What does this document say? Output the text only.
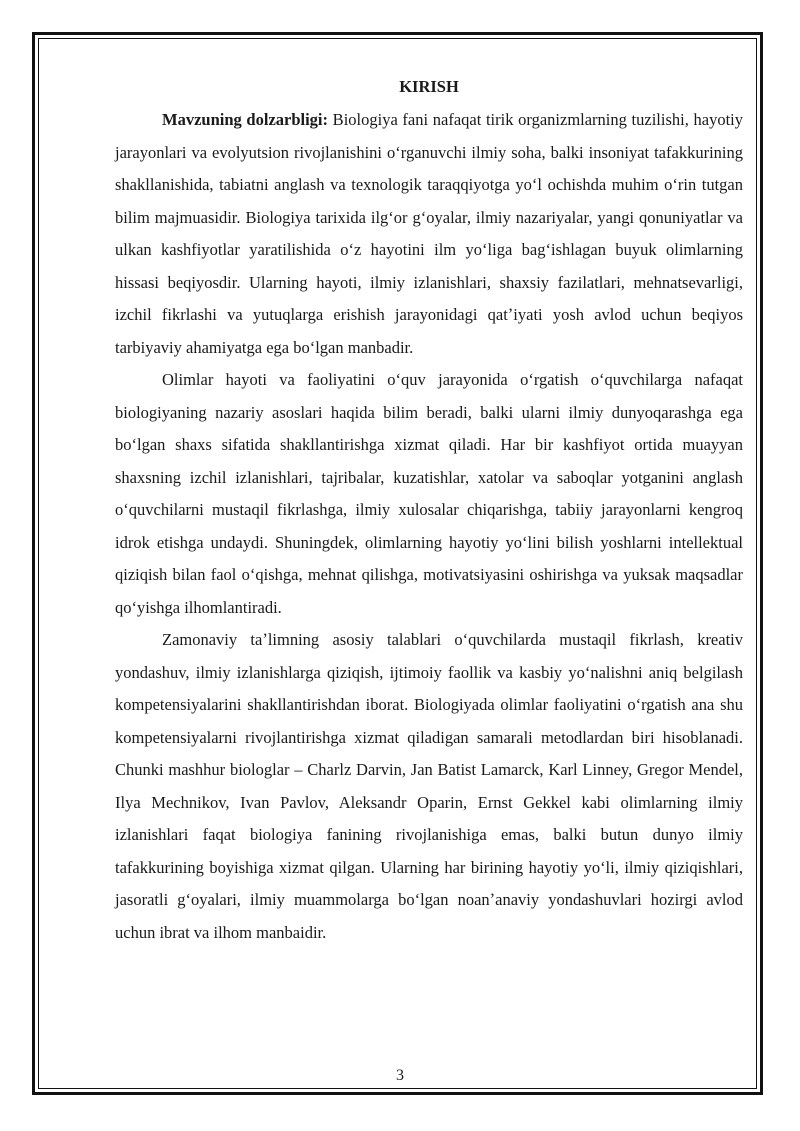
KIRISH

Mavzuning dolzarbligi: Biologiya fani nafaqat tirik organizmlarning tuzilishi, hayotiy jarayonlari va evolyutsion rivojlanishini oʻrganuvchi ilmiy soha, balki insoniyat tafakkurining shakllanishida, tabiatni anglash va texnologik taraqqiyotga yoʻl ochishda muhim oʻrin tutgan bilim majmuasidir. Biologiya tarixida ilgʻor gʻoyalar, ilmiy nazariyalar, yangi qonuniyatlar va ulkan kashfiyotlar yaratilishida oʻz hayotini ilm yoʻliga bagʻishlagan buyuk olimlarning hissasi beqiyosdir. Ularning hayoti, ilmiy izlanishlari, shaxsiy fazilatlari, mehnatsevarligi, izchil fikrlashi va yutuqlarga erishish jarayonidagi qatʼiyati yosh avlod uchun beqiyos tarbiyaviy ahamiyatga ega boʻlgan manbadir.

Olimlar hayoti va faoliyatini oʻquv jarayonida oʻrgatish oʻquvchilarga nafaqat biologiyaning nazariy asoslari haqida bilim beradi, balki ularni ilmiy dunyoqarashga ega boʻlgan shaxs sifatida shakllantirishga xizmat qiladi. Har bir kashfiyot ortida muayyan shaxsning izchil izlanishlari, tajribalar, kuzatishlar, xatolar va saboqlar yotganini anglash oʻquvchilarni mustaqil fikrlashga, ilmiy xulosalar chiqarishga, tabiiy jarayonlarni kengroq idrok etishga undaydi. Shuningdek, olimlarning hayotiy yoʻlini bilish yoshlarni intellektual qiziqish bilan faol oʻqishga, mehnat qilishga, motivatsiyasini oshirishga va yuksak maqsadlar qoʻyishga ilhomlantiradi.

Zamonaviy taʼlimning asosiy talablari oʻquvchilarda mustaqil fikrlash, kreativ yondashuv, ilmiy izlanishlarga qiziqish, ijtimoiy faollik va kasbiy yoʻnalishni aniq belgilash kompetensiyalarini shakllantirishdan iborat. Biologiyada olimlar faoliyatini oʻrgatish ana shu kompetensiyalarni rivojlantirishga xizmat qiladigan samarali metodlardan biri hisoblanadi. Chunki mashhur biologlar – Charlz Darvin, Jan Batist Lamarck, Karl Linney, Gregor Mendel, Ilya Mechnikov, Ivan Pavlov, Aleksandr Oparin, Ernst Gekkel kabi olimlarning ilmiy izlanishlari faqat biologiya fanining rivojlanishiga emas, balki butun dunyo ilmiy tafakkurining boyishiga xizmat qilgan. Ularning har birining hayotiy yoʻli, ilmiy qiziqishlari, jasoratli gʻoyalari, ilmiy muammolarga boʻlgan noanʼanaviy yondashuvlari hozirgi avlod uchun ibrat va ilhom manbaidir.

3
